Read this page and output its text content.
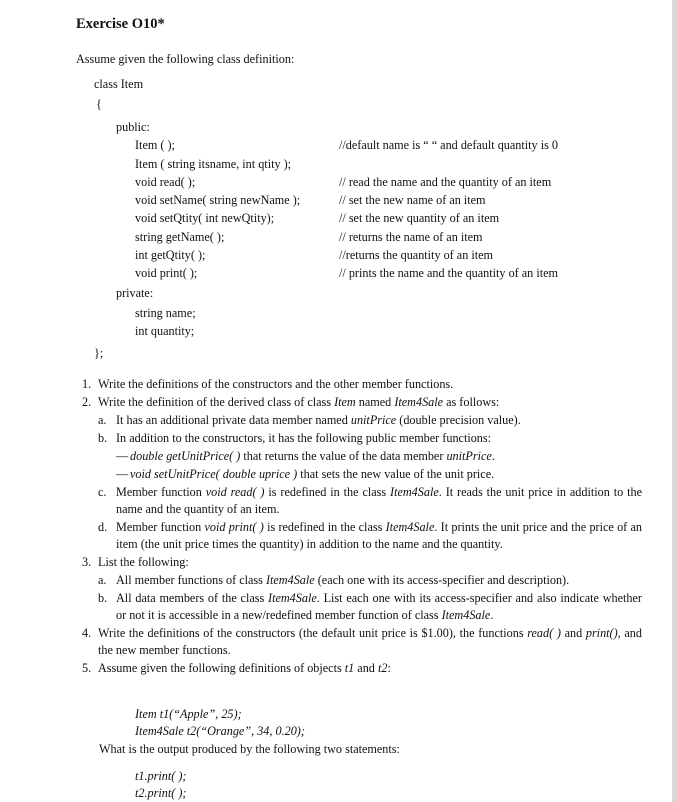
Exercise O10*
Assume given the following class definition:
class Item
{
public:
Item ( );	//default name is “ “ and default quantity is 0
Item ( string itsname, int qtity );
void read( );	// read the name and the quantity of an item
void setName( string newName );	// set the new name of an item
void setQtity( int newQtity);	// set the new quantity of an item
string getName( );	// returns the name of an item
int getQtity( );	//returns the quantity of an item
void print( );	// prints the name and the quantity of an item
private:
string name;
int quantity;
};
1. Write the definitions of the constructors and the other member functions.
2. Write the definition of the derived class of class Item named Item4Sale as follows:
a. It has an additional private data member named unitPrice (double precision value).
b. In addition to the constructors, it has the following public member functions:
— double getUnitPrice( ) that returns the value of the data member unitPrice.
— void setUnitPrice( double uprice ) that sets the new value of the unit price.
c. Member function void read( ) is redefined in the class Item4Sale. It reads the unit price in addition to the name and the quantity of an item.
d. Member function void print( ) is redefined in the class Item4Sale. It prints the unit price and the price of an item (the unit price times the quantity) in addition to the name and the quantity.
3. List the following:
a. All member functions of class Item4Sale (each one with its access-specifier and description).
b. All data members of the class Item4Sale. List each one with its access-specifier and also indicate whether or not it is accessible in a new/redefined member function of class Item4Sale.
4. Write the definitions of the constructors (the default unit price is $1.00), the functions read( ) and print(), and the new member functions.
5. Assume given the following definitions of objects t1 and t2:
Item t1(“Apple”, 25);
Item4Sale t2(“Orange”, 34, 0.20);
What is the output produced by the following two statements:
t1.print( );
t2.print( );
